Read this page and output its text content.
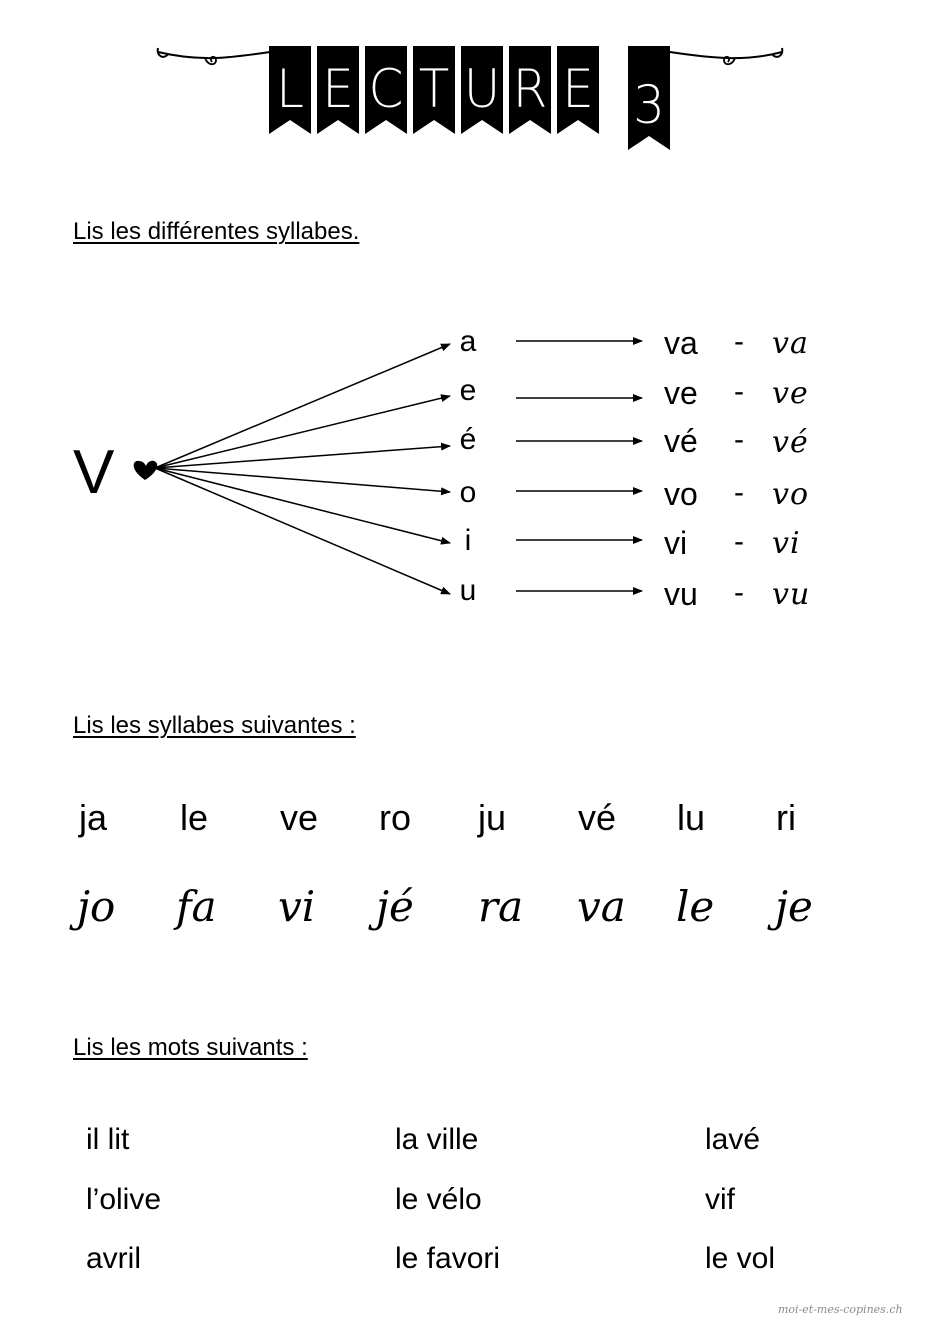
L E C T U R E 3
Lis les différentes syllabes.
V
a
e
é
o
i
u
va
ve
vé
vo
vi
vu
-
-
-
-
-
-
va
ve
vé
vo
vi
vu
Lis les syllabes suivantes :
ja le ve ro ju vé lu ri
jo fa vi jé ra va le je
Lis les mots suivants :
il lit
l’olive
avril
la ville
le vélo
le favori
lavé
vif
le vol
moi-et-mes-copines.ch
